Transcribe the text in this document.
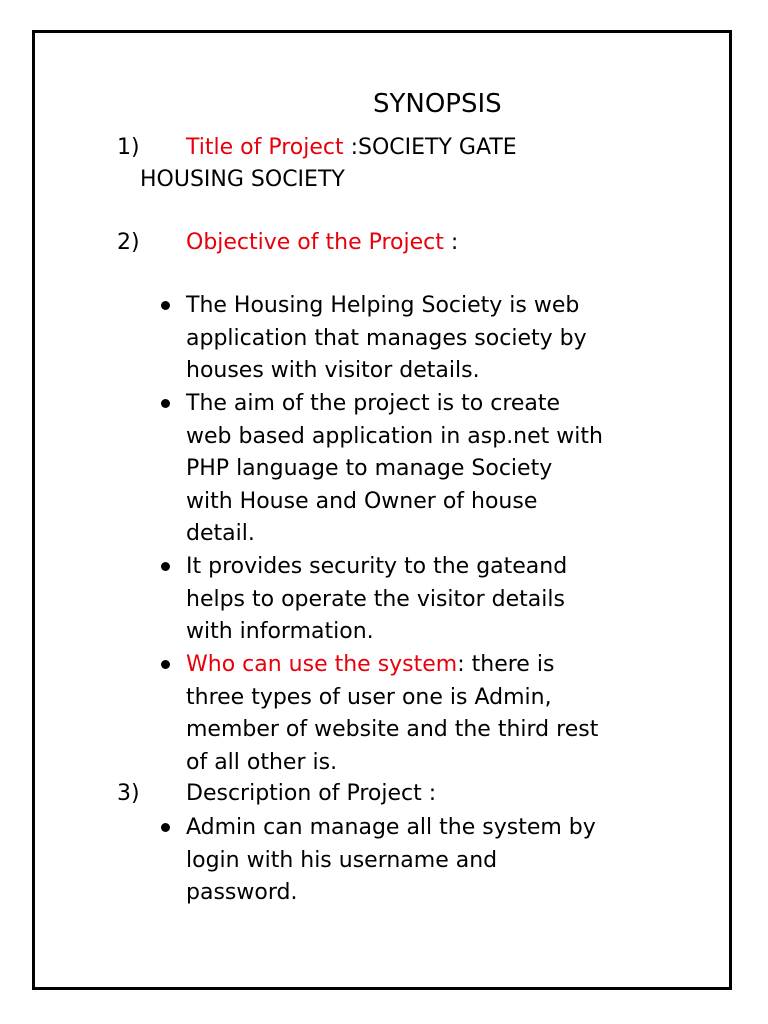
SYNOPSIS
1) Title of Project :SOCIETY GATE
HOUSING SOCIETY
2) Objective of the Project :
The Housing Helping Society is web
application that manages society by
houses with visitor details.
The aim of the project is to create
web based application in asp.net with
PHP language to manage Society
with House and Owner of house
detail.
It provides security to the gateand
helps to operate the visitor details
with information.
Who can use the system: there is
three types of user one is Admin,
member of website and the third rest
of all other is.
3) Description of Project :
Admin can manage all the system by
login with his username and
password.
